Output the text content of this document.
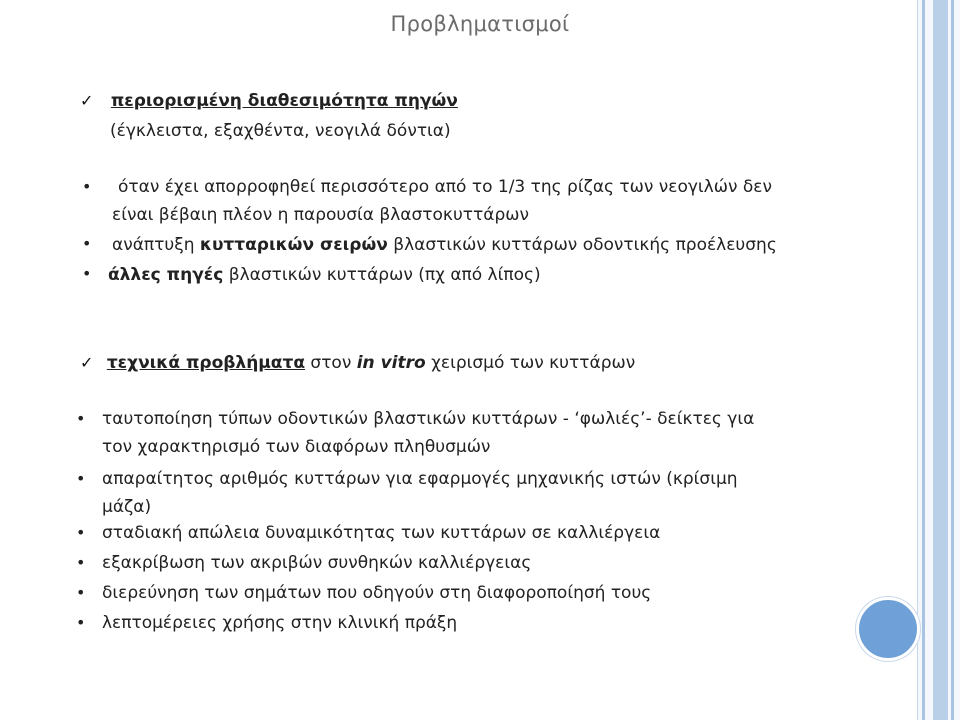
Προβληματισμοί
✓ περιορισμένη διαθεσιμότητα πηγών
(έγκλειστα, εξαχθέντα, νεογιλά δόντια)
• όταν έχει απορροφηθεί περισσότερο από το 1/3 της ρίζας των νεογιλών δεν
είναι βέβαιη πλέον η παρουσία βλαστοκυττάρων
• ανάπτυξη κυτταρικών σειρών βλαστικών κυττάρων οδοντικής προέλευσης
• άλλες πηγές βλαστικών κυττάρων (πχ από λίπος)
✓ τεχνικά προβλήματα στον in vitro χειρισμό των κυττάρων
• ταυτοποίηση τύπων οδοντικών βλαστικών κυττάρων - ‘φωλιές’- δείκτες για
τον χαρακτηρισμό των διαφόρων πληθυσμών
• απαραίτητος αριθμός κυττάρων για εφαρμογές μηχανικής ιστών (κρίσιμη
μάζα)
• σταδιακή απώλεια δυναμικότητας των κυττάρων σε καλλιέργεια
• εξακρίβωση των ακριβών συνθηκών καλλιέργειας
• διερεύνηση των σημάτων που οδηγούν στη διαφοροποίησή τους
• λεπτομέρειες χρήσης στην κλινική πράξη
